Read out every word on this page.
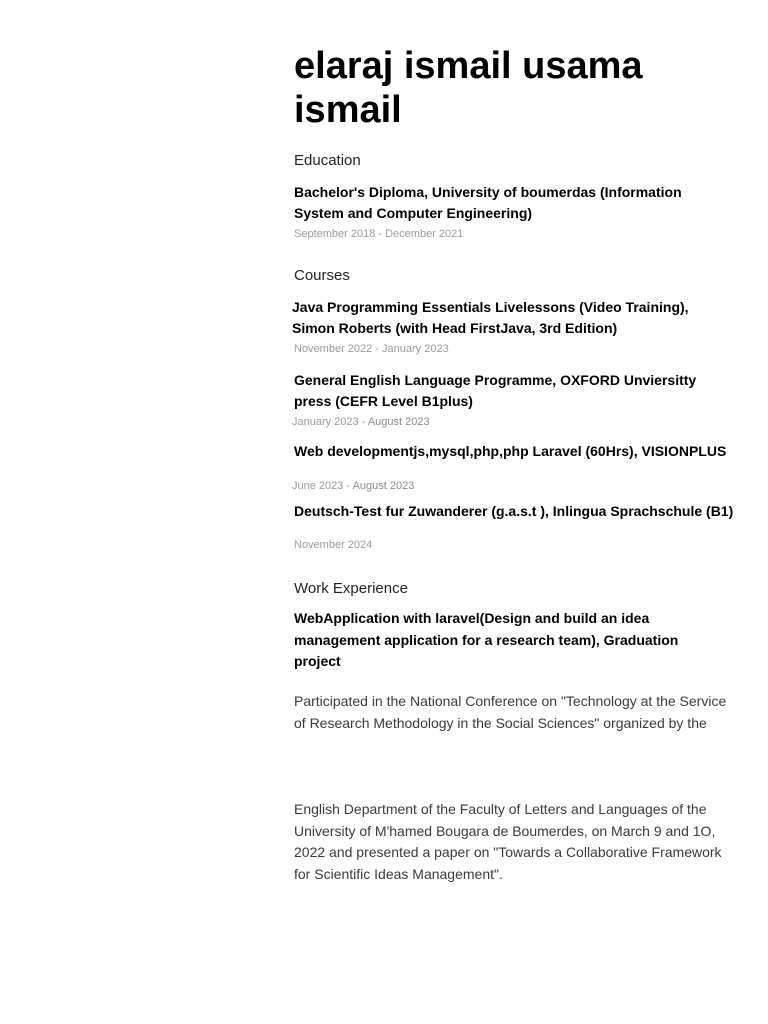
elaraj ismail usama ismail
Education
Bachelor's Diploma, University of boumerdas (Information System and Computer Engineering)
September 2018 - December 2021
Courses
Java Programming Essentials Livelessons (Video Training), Simon Roberts (with Head FirstJava, 3rd Edition)
November 2022 - January 2023
General English Language Programme, OXFORD Unviersitty press (CEFR Level B1plus)
January 2023 - August 2023
Web developmentjs,mysql,php,php Laravel (60Hrs), VISIONPLUS
June 2023 - August 2023
Deutsch-Test fur Zuwanderer (g.a.s.t ), Inlingua Sprachschule (B1)
November 2024
Work Experience
WebApplication with laravel(Design and build an idea management application for a research team), Graduation project

Participated in the National Conference on "Technology at the Service of Research Methodology in the Social Sciences" organized by the

English Department of the Faculty of Letters and Languages of the University of M'hamed Bougara de Boumerdes, on March 9 and 1O, 2022 and presented a paper on "Towards a Collaborative Framework for Scientific Ideas Management".
